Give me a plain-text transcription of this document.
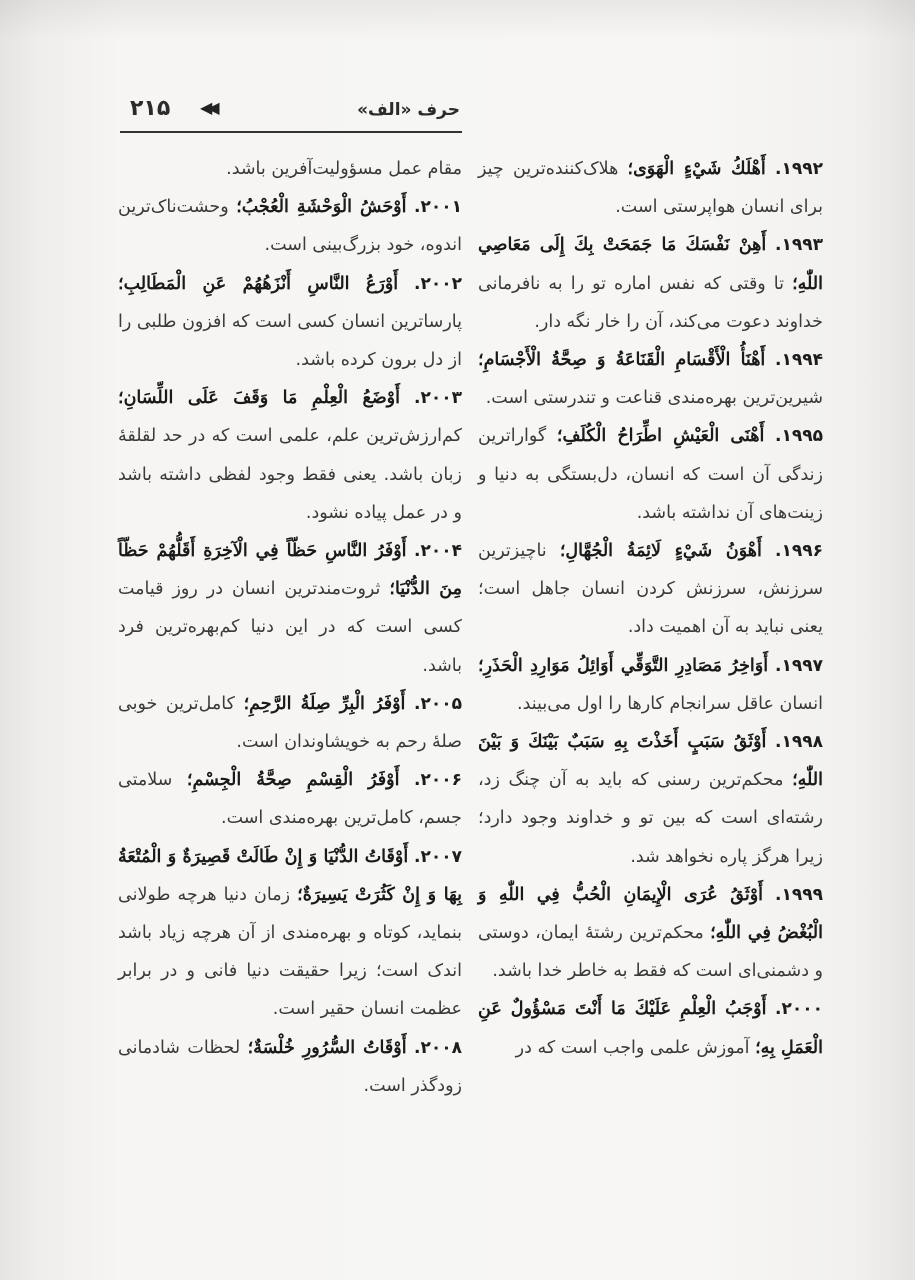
حرف «الف»
◀◀
۲۱۵

۱۹۹۲. أَهْلَكُ شَيْءٍ الْهَوَى؛ هلاک‌کننده‌ترین چیز برای انسان هواپرستی است.

۱۹۹۳. أَهِنْ نَفْسَكَ مَا جَمَحَتْ بِكَ إِلَى مَعَاصِي اللّٰهِ؛ تا وقتی که نفس اماره تو را به نافرمانی خداوند دعوت می‌کند، آن را خار نگه دار.

۱۹۹۴. أَهْنَأُ الْأَقْسَامِ الْقَنَاعَةُ وَ صِحَّةُ الْأَجْسَامِ؛ شیرین‌ترین بهره‌مندی قناعت و تندرستی است.

۱۹۹۵. أَهْنَى الْعَيْشِ اطِّرَاحُ الْكُلَفِ؛ گواراترین زندگی آن است که انسان، دل‌بستگی به دنیا و زینت‌های آن نداشته باشد.

۱۹۹۶. أَهْوَنُ شَيْءٍ لَائِمَةُ الْجُهَّالِ؛ ناچیزترین سرزنش، سرزنش کردن انسان جاهل است؛ یعنی نباید به آن اهمیت داد.

۱۹۹۷. أَوَاخِرُ مَصَادِرِ التَّوَقِّي أَوَائِلُ مَوَارِدِ الْحَذَرِ؛ انسان عاقل سرانجام کارها را اول می‌بیند.

۱۹۹۸. أَوْثَقُ سَبَبٍ أَخَذْتَ بِهِ سَبَبٌ بَيْنَكَ وَ بَيْنَ اللّٰهِ؛ محکم‌ترین رسنی که باید به آن چنگ زد، رشته‌ای است که بین تو و خداوند وجود دارد؛ زیرا هرگز پاره نخواهد شد.

۱۹۹۹. أَوْثَقُ عُرَى الْإِيمَانِ الْحُبُّ فِي اللّٰهِ وَ الْبُغْضُ فِي اللّٰهِ؛ محکم‌ترین رشتهٔ ایمان، دوستی و دشمنی‌ای است که فقط به خاطر خدا باشد.

۲۰۰۰. أَوْجَبُ الْعِلْمِ عَلَيْكَ مَا أَنْتَ مَسْؤُولٌ عَنِ الْعَمَلِ بِهِ؛ آموزش علمی واجب است که در

مقام عمل مسؤولیت‌آفرین باشد.

۲۰۰۱. أَوْحَشُ الْوَحْشَةِ الْعُجْبُ؛ وحشت‌ناک‌ترین اندوه، خود بزرگ‌بینی است.

۲۰۰۲. أَوْرَعُ النَّاسِ أَنْزَهُهُمْ عَنِ الْمَطَالِبِ؛ پارساترین انسان کسی است که افزون طلبی را از دل برون کرده باشد.

۲۰۰۳. أَوْضَعُ الْعِلْمِ مَا وَقَفَ عَلَى اللِّسَانِ؛ کم‌ارزش‌ترین علم، علمی است که در حد لقلقهٔ زبان باشد. یعنی فقط وجود لفظی داشته باشد و در عمل پیاده نشود.

۲۰۰۴. أَوْفَرُ النَّاسِ حَظّاً فِي الْآخِرَةِ أَقَلُّهُمْ حَظّاً مِنَ الدُّنْيَا؛ ثروت‌مندترین انسان در روز قیامت کسی است که در این دنیا کم‌بهره‌ترین فرد باشد.

۲۰۰۵. أَوْفَرُ الْبِرِّ صِلَةُ الرَّحِمِ؛ کامل‌ترین خوبی صلهٔ رحم به خویشاوندان است.

۲۰۰۶. أَوْفَرُ الْقِسْمِ صِحَّةُ الْجِسْمِ؛ سلامتی جسم، کامل‌ترین بهره‌مندی است.

۲۰۰۷. أَوْقَاتُ الدُّنْيَا وَ إِنْ طَالَتْ قَصِيرَةٌ وَ الْمُتْعَةُ بِهَا وَ إِنْ كَثُرَتْ يَسِيرَةٌ؛ زمان دنیا هرچه طولانی بنماید، کوتاه و بهره‌مندی از آن هرچه زیاد باشد اندک است؛ زیرا حقیقت دنیا فانی و در برابر عظمت انسان حقیر است.

۲۰۰۸. أَوْقَاتُ السُّرُورِ خُلْسَةٌ؛ لحظات شادمانی زودگذر است.
